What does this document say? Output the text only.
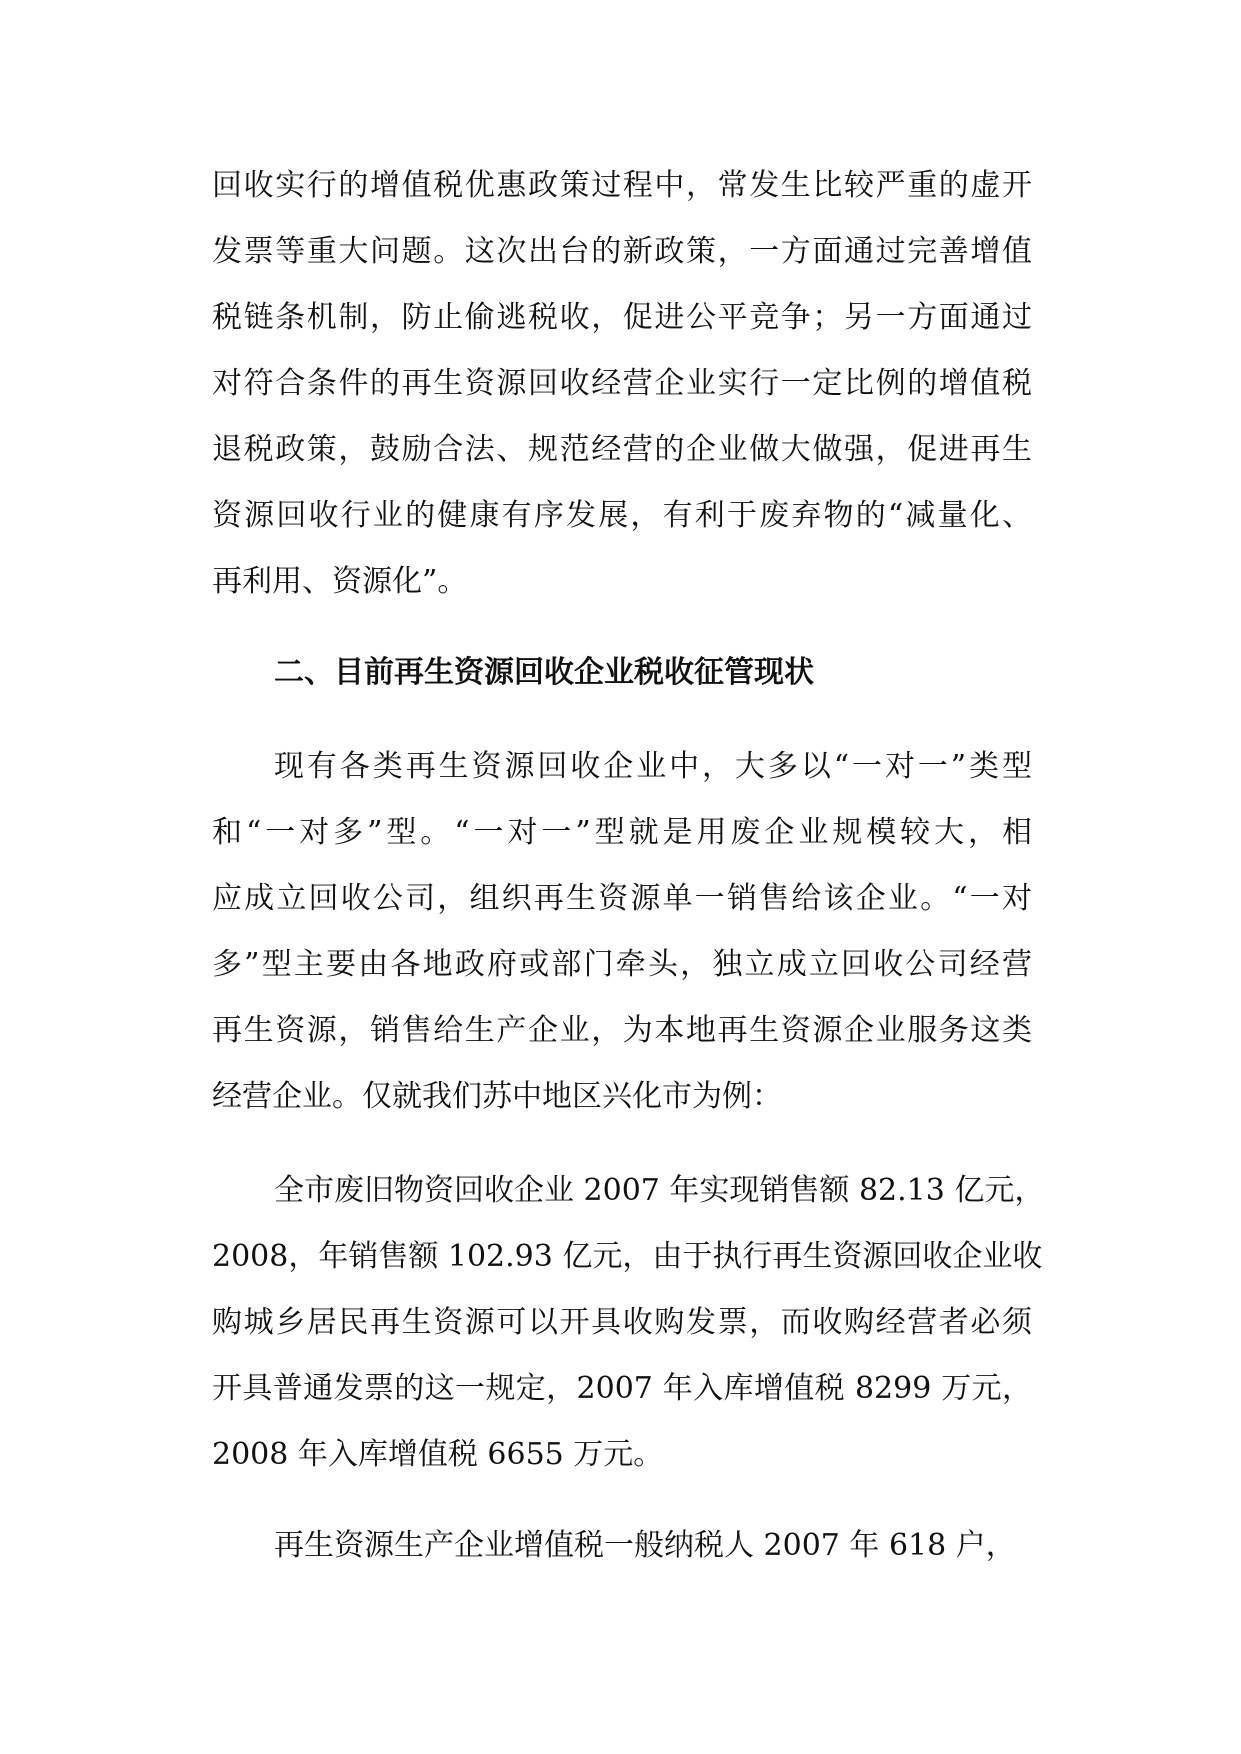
回收实行的增值税优惠政策过程中，常发生比较严重的虚开
发票等重大问题。这次出台的新政策，一方面通过完善增值
税链条机制，防止偷逃税收，促进公平竞争；另一方面通过
对符合条件的再生资源回收经营企业实行一定比例的增值税
退税政策，鼓励合法、规范经营的企业做大做强，促进再生
资源回收行业的健康有序发展，有利于废弃物的“减量化、
再利用、资源化”。
二、目前再生资源回收企业税收征管现状
现有各类再生资源回收企业中，大多以“一对一”类型
和“一对多”型。“一对一”型就是用废企业规模较大，相
应成立回收公司，组织再生资源单一销售给该企业。“一对
多”型主要由各地政府或部门牵头，独立成立回收公司经营
再生资源，销售给生产企业，为本地再生资源企业服务这类
经营企业。仅就我们苏中地区兴化市为例：
全市废旧物资回收企业 2007 年实现销售额 82.13 亿元，
2008，年销售额 102.93 亿元，由于执行再生资源回收企业收
购城乡居民再生资源可以开具收购发票，而收购经营者必须
开具普通发票的这一规定，2007 年入库增值税 8299 万元，
2008 年入库增值税 6655 万元。
再生资源生产企业增值税一般纳税人 2007 年 618 户，
